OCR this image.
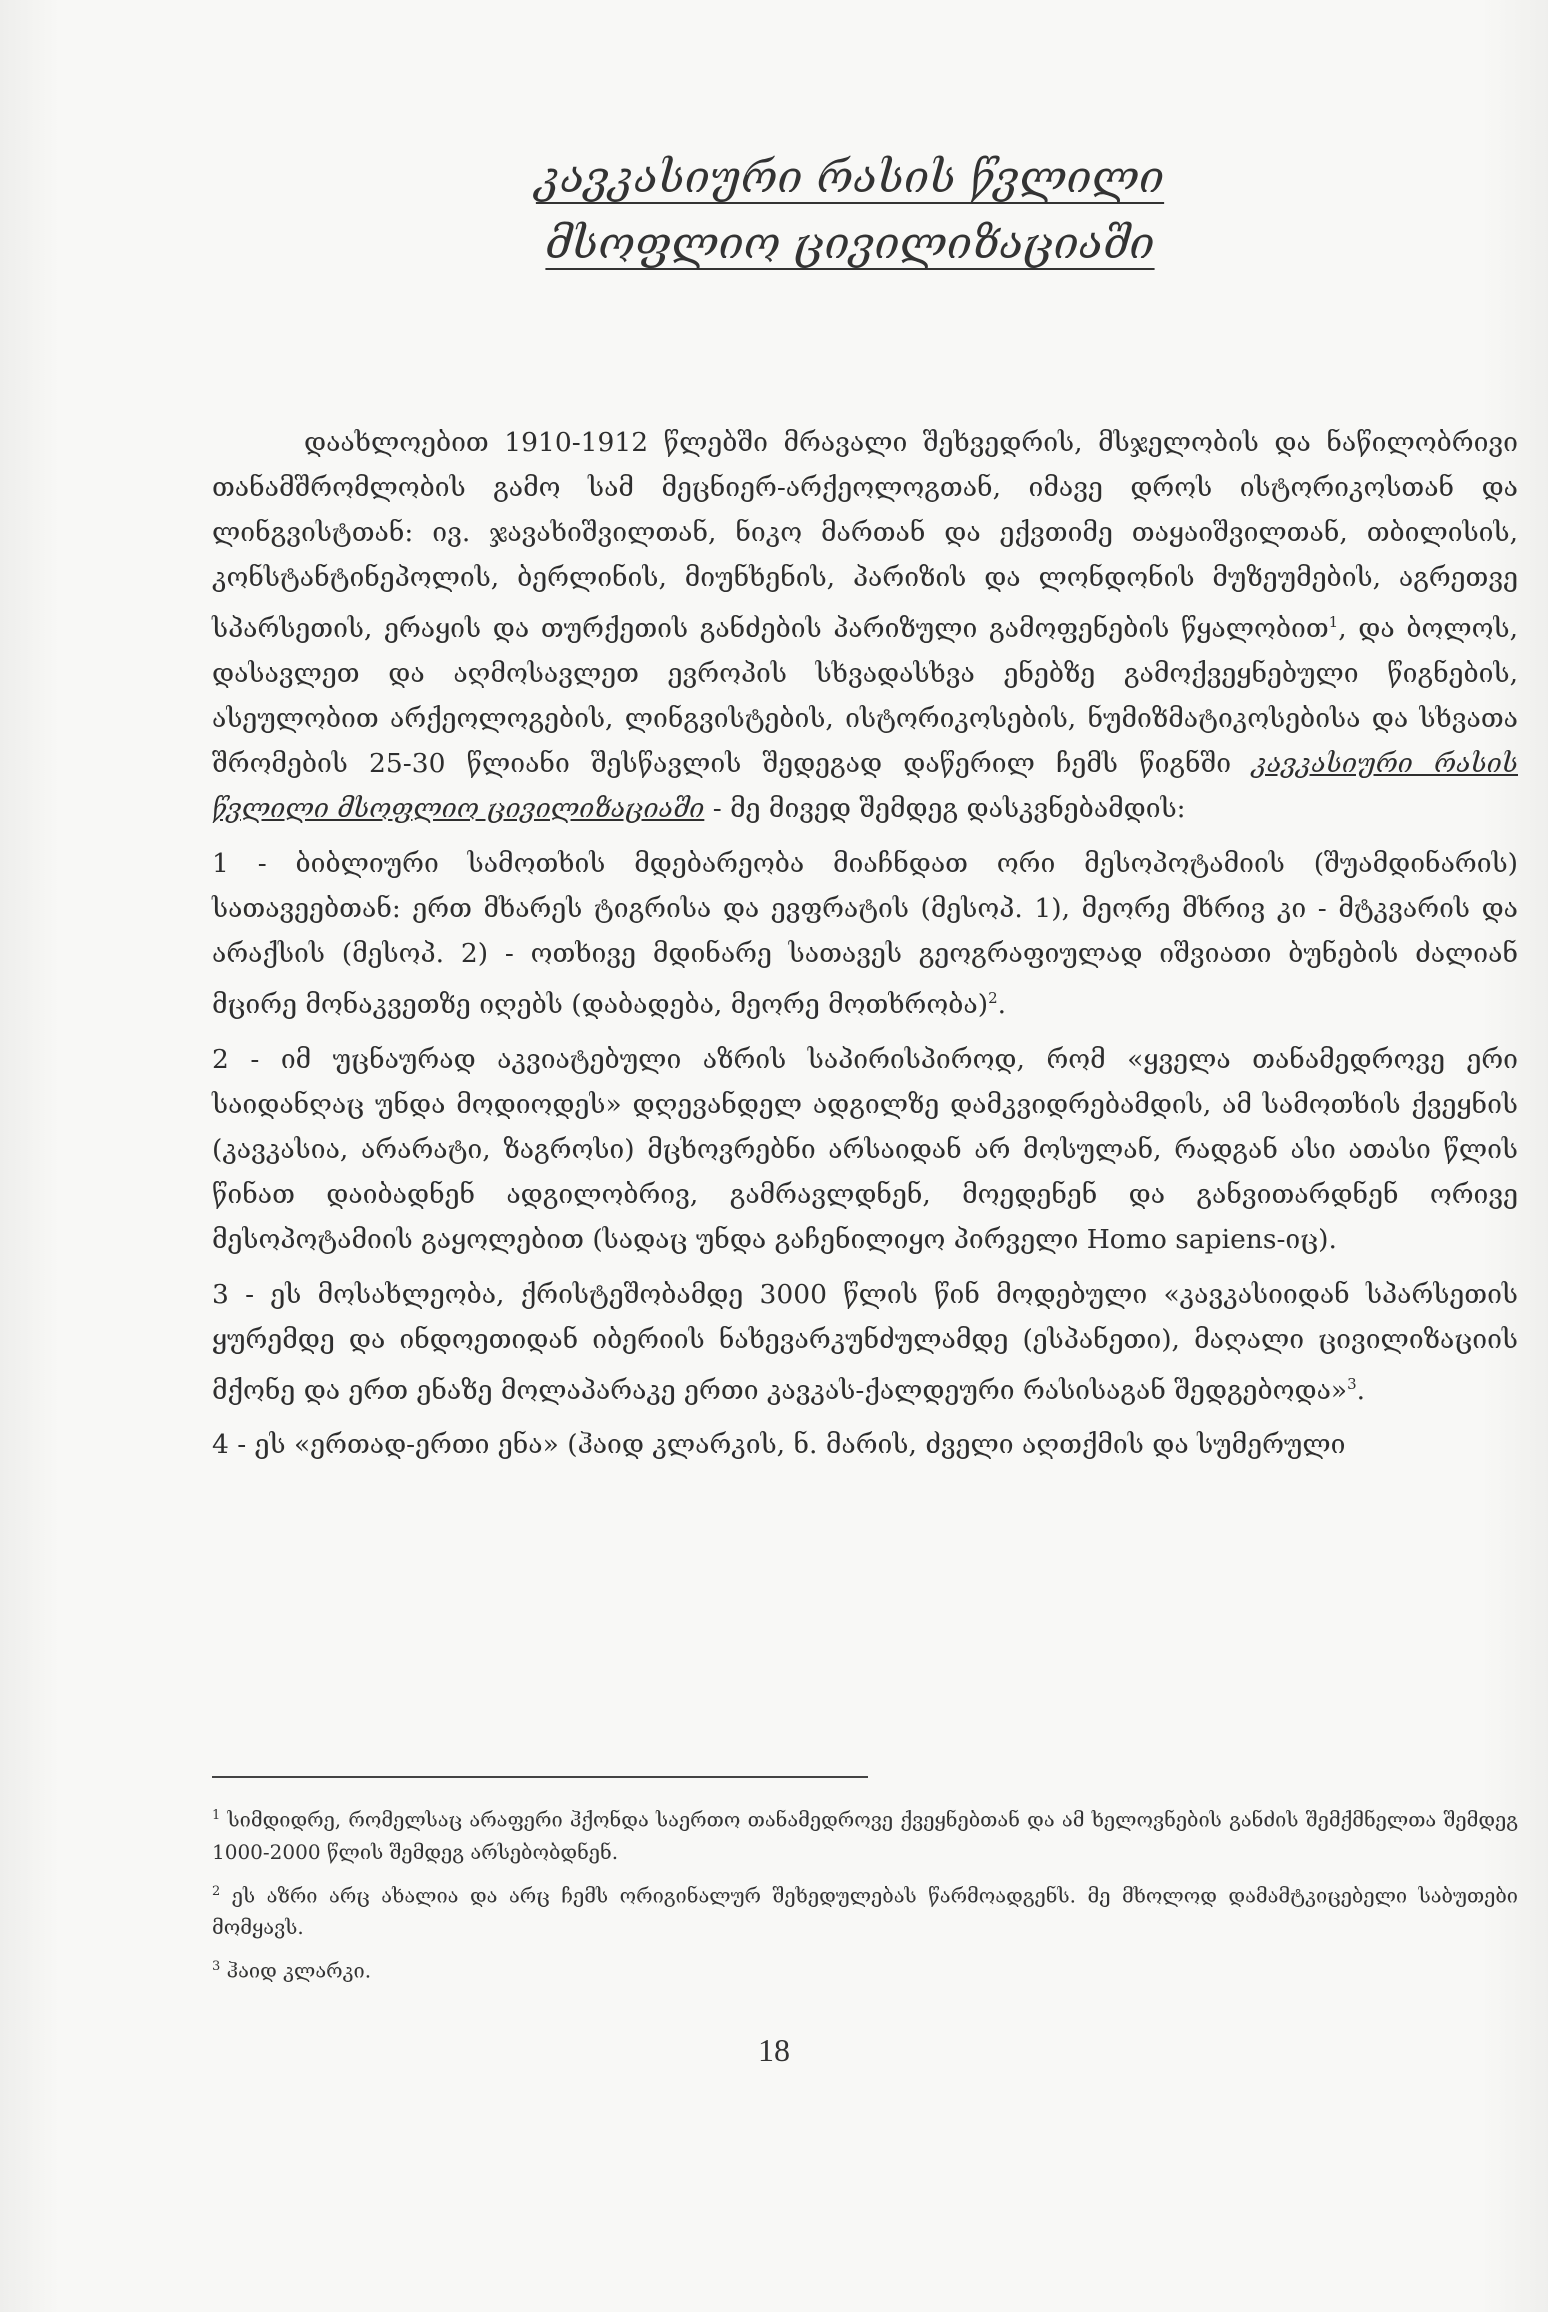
კავკასიური რასის წვლილი
მსოფლიო ცივილიზაციაში

დაახლოებით 1910-1912 წლებში მრავალი შეხვედრის, მსჯელობის და ნაწილობრივი თანამშრომლობის გამო სამ მეცნიერ-არქეოლოგთან, იმავე დროს ისტორიკოსთან და ლინგვისტთან: ივ. ჯავახიშვილთან, ნიკო მართან და ექვთიმე თაყაიშვილთან, თბილისის, კონსტანტინეპოლის, ბერლინის, მიუნხენის, პარიზის და ლონდონის მუზეუმების, აგრეთვე სპარსეთის, ერაყის და თურქეთის განძების პარიზული გამოფენების წყალობით$^1$, და ბოლოს, დასავლეთ და აღმოსავლეთ ევროპის სხვადასხვა ენებზე გამოქვეყნებული წიგნების, ასეულობით არქეოლოგების, ლინგვისტების, ისტორიკოსების, ნუმიზმატიკოსებისა და სხვათა შრომების 25-30 წლიანი შესწავლის შედეგად დაწერილ ჩემს წიგნში კავკასიური რასის წვლილი მსოფლიო ცივილიზაციაში - მე მივედ შემდეგ დასკვნებამდის:

1 - ბიბლიური სამოთხის მდებარეობა მიაჩნდათ ორი მესოპოტამიის (შუამდინარის) სათავეებთან: ერთ მხარეს ტიგრისა და ევფრატის (მესოპ. 1), მეორე მხრივ კი - მტკვარის და არაქსის (მესოპ. 2) - ოთხივე მდინარე სათავეს გეოგრაფიულად იშვიათი ბუნების ძალიან მცირე მონაკვეთზე იღებს (დაბადება, მეორე მოთხრობა)$^2$.

2 - იმ უცნაურად აკვიატებული აზრის საპირისპიროდ, რომ «ყველა თანამედროვე ერი საიდანღაც უნდა მოდიოდეს» დღევანდელ ადგილზე დამკვიდრებამდის, ამ სამოთხის ქვეყნის (კავკასია, არარატი, ზაგროსი) მცხოვრებნი არსაიდან არ მოსულან, რადგან ასი ათასი წლის წინათ დაიბადნენ ადგილობრივ, გამრავლდნენ, მოედენენ და განვითარდნენ ორივე მესოპოტამიის გაყოლებით (სადაც უნდა გაჩენილიყო პირველი Homo sapiens-იც).

3 - ეს მოსახლეობა, ქრისტეშობამდე 3000 წლის წინ მოდებული «კავკასიიდან სპარსეთის ყურემდე და ინდოეთიდან იბერიის ნახევარკუნძულამდე (ესპანეთი), მაღალი ცივილიზაციის მქონე და ერთ ენაზე მოლაპარაკე ერთი კავკას-ქალდეური რასისაგან შედგებოდა»$^3$.

4 - ეს «ერთად-ერთი ენა» (ჰაიდ კლარკის, ნ. მარის, ძველი აღთქმის და სუმერული

$^1$ სიმდიდრე, რომელსაც არაფერი ჰქონდა საერთო თანამედროვე ქვეყნებთან და ამ ხელოვნების განძის შემქმნელთა შემდეგ 1000-2000 წლის შემდეგ არსებობდნენ.

$^2$ ეს აზრი არც ახალია და არც ჩემს ორიგინალურ შეხედულებას წარმოადგენს. მე მხოლოდ დამამტკიცებელი საბუთები მომყავს.

$^3$ ჰაიდ კლარკი.

18
